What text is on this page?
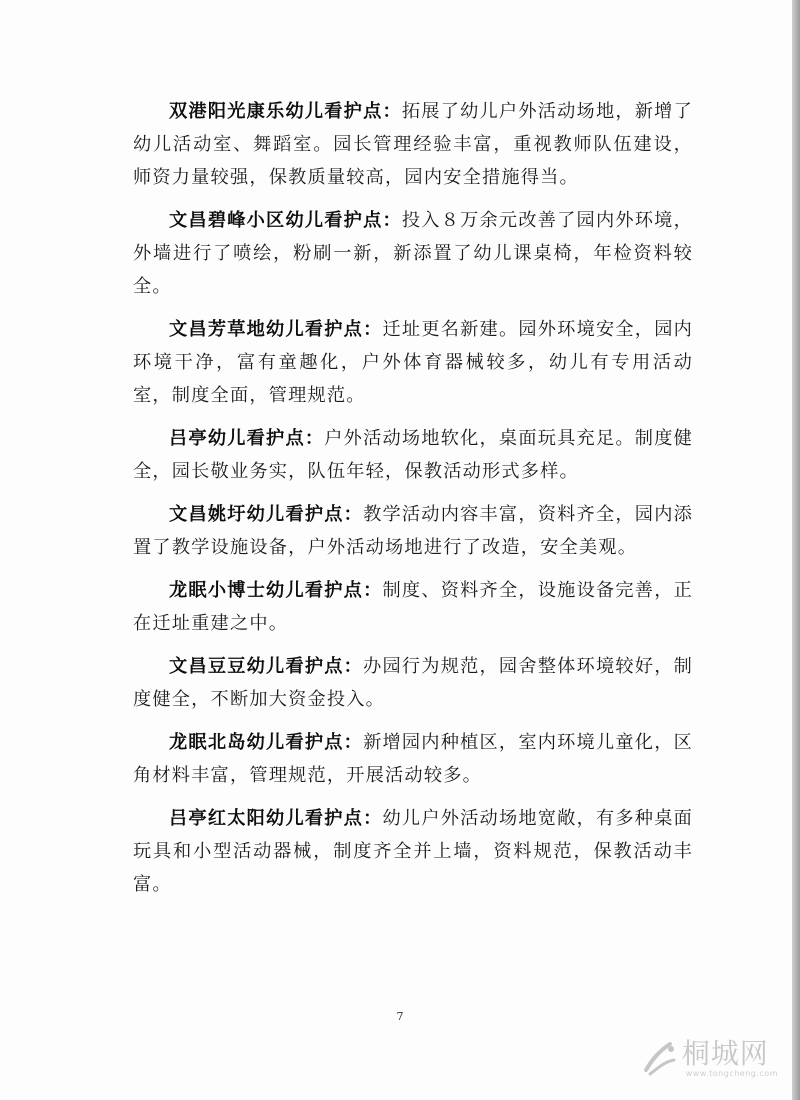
双港阳光康乐幼儿看护点：拓展了幼儿户外活动场地，新增了幼儿活动室、舞蹈室。园长管理经验丰富，重视教师队伍建设，师资力量较强，保教质量较高，园内安全措施得当。

文昌碧峰小区幼儿看护点：投入８万余元改善了园内外环境，外墙进行了喷绘，粉刷一新，新添置了幼儿课桌椅，年检资料较全。

文昌芳草地幼儿看护点：迁址更名新建。园外环境安全，园内环境干净，富有童趣化，户外体育器械较多，幼儿有专用活动室，制度全面，管理规范。

吕亭幼儿看护点：户外活动场地软化，桌面玩具充足。制度健全，园长敬业务实，队伍年轻，保教活动形式多样。

文昌姚圩幼儿看护点：教学活动内容丰富，资料齐全，园内添置了教学设施设备，户外活动场地进行了改造，安全美观。

龙眠小博士幼儿看护点：制度、资料齐全，设施设备完善，正在迁址重建之中。

文昌豆豆幼儿看护点：办园行为规范，园舍整体环境较好，制度健全，不断加大资金投入。

龙眠北岛幼儿看护点：新增园内种植区，室内环境儿童化，区角材料丰富，管理规范，开展活动较多。

吕亭红太阳幼儿看护点：幼儿户外活动场地宽敞，有多种桌面玩具和小型活动器械，制度齐全并上墙，资料规范，保教活动丰富。

7
桐城网
www.tongcheng.com
